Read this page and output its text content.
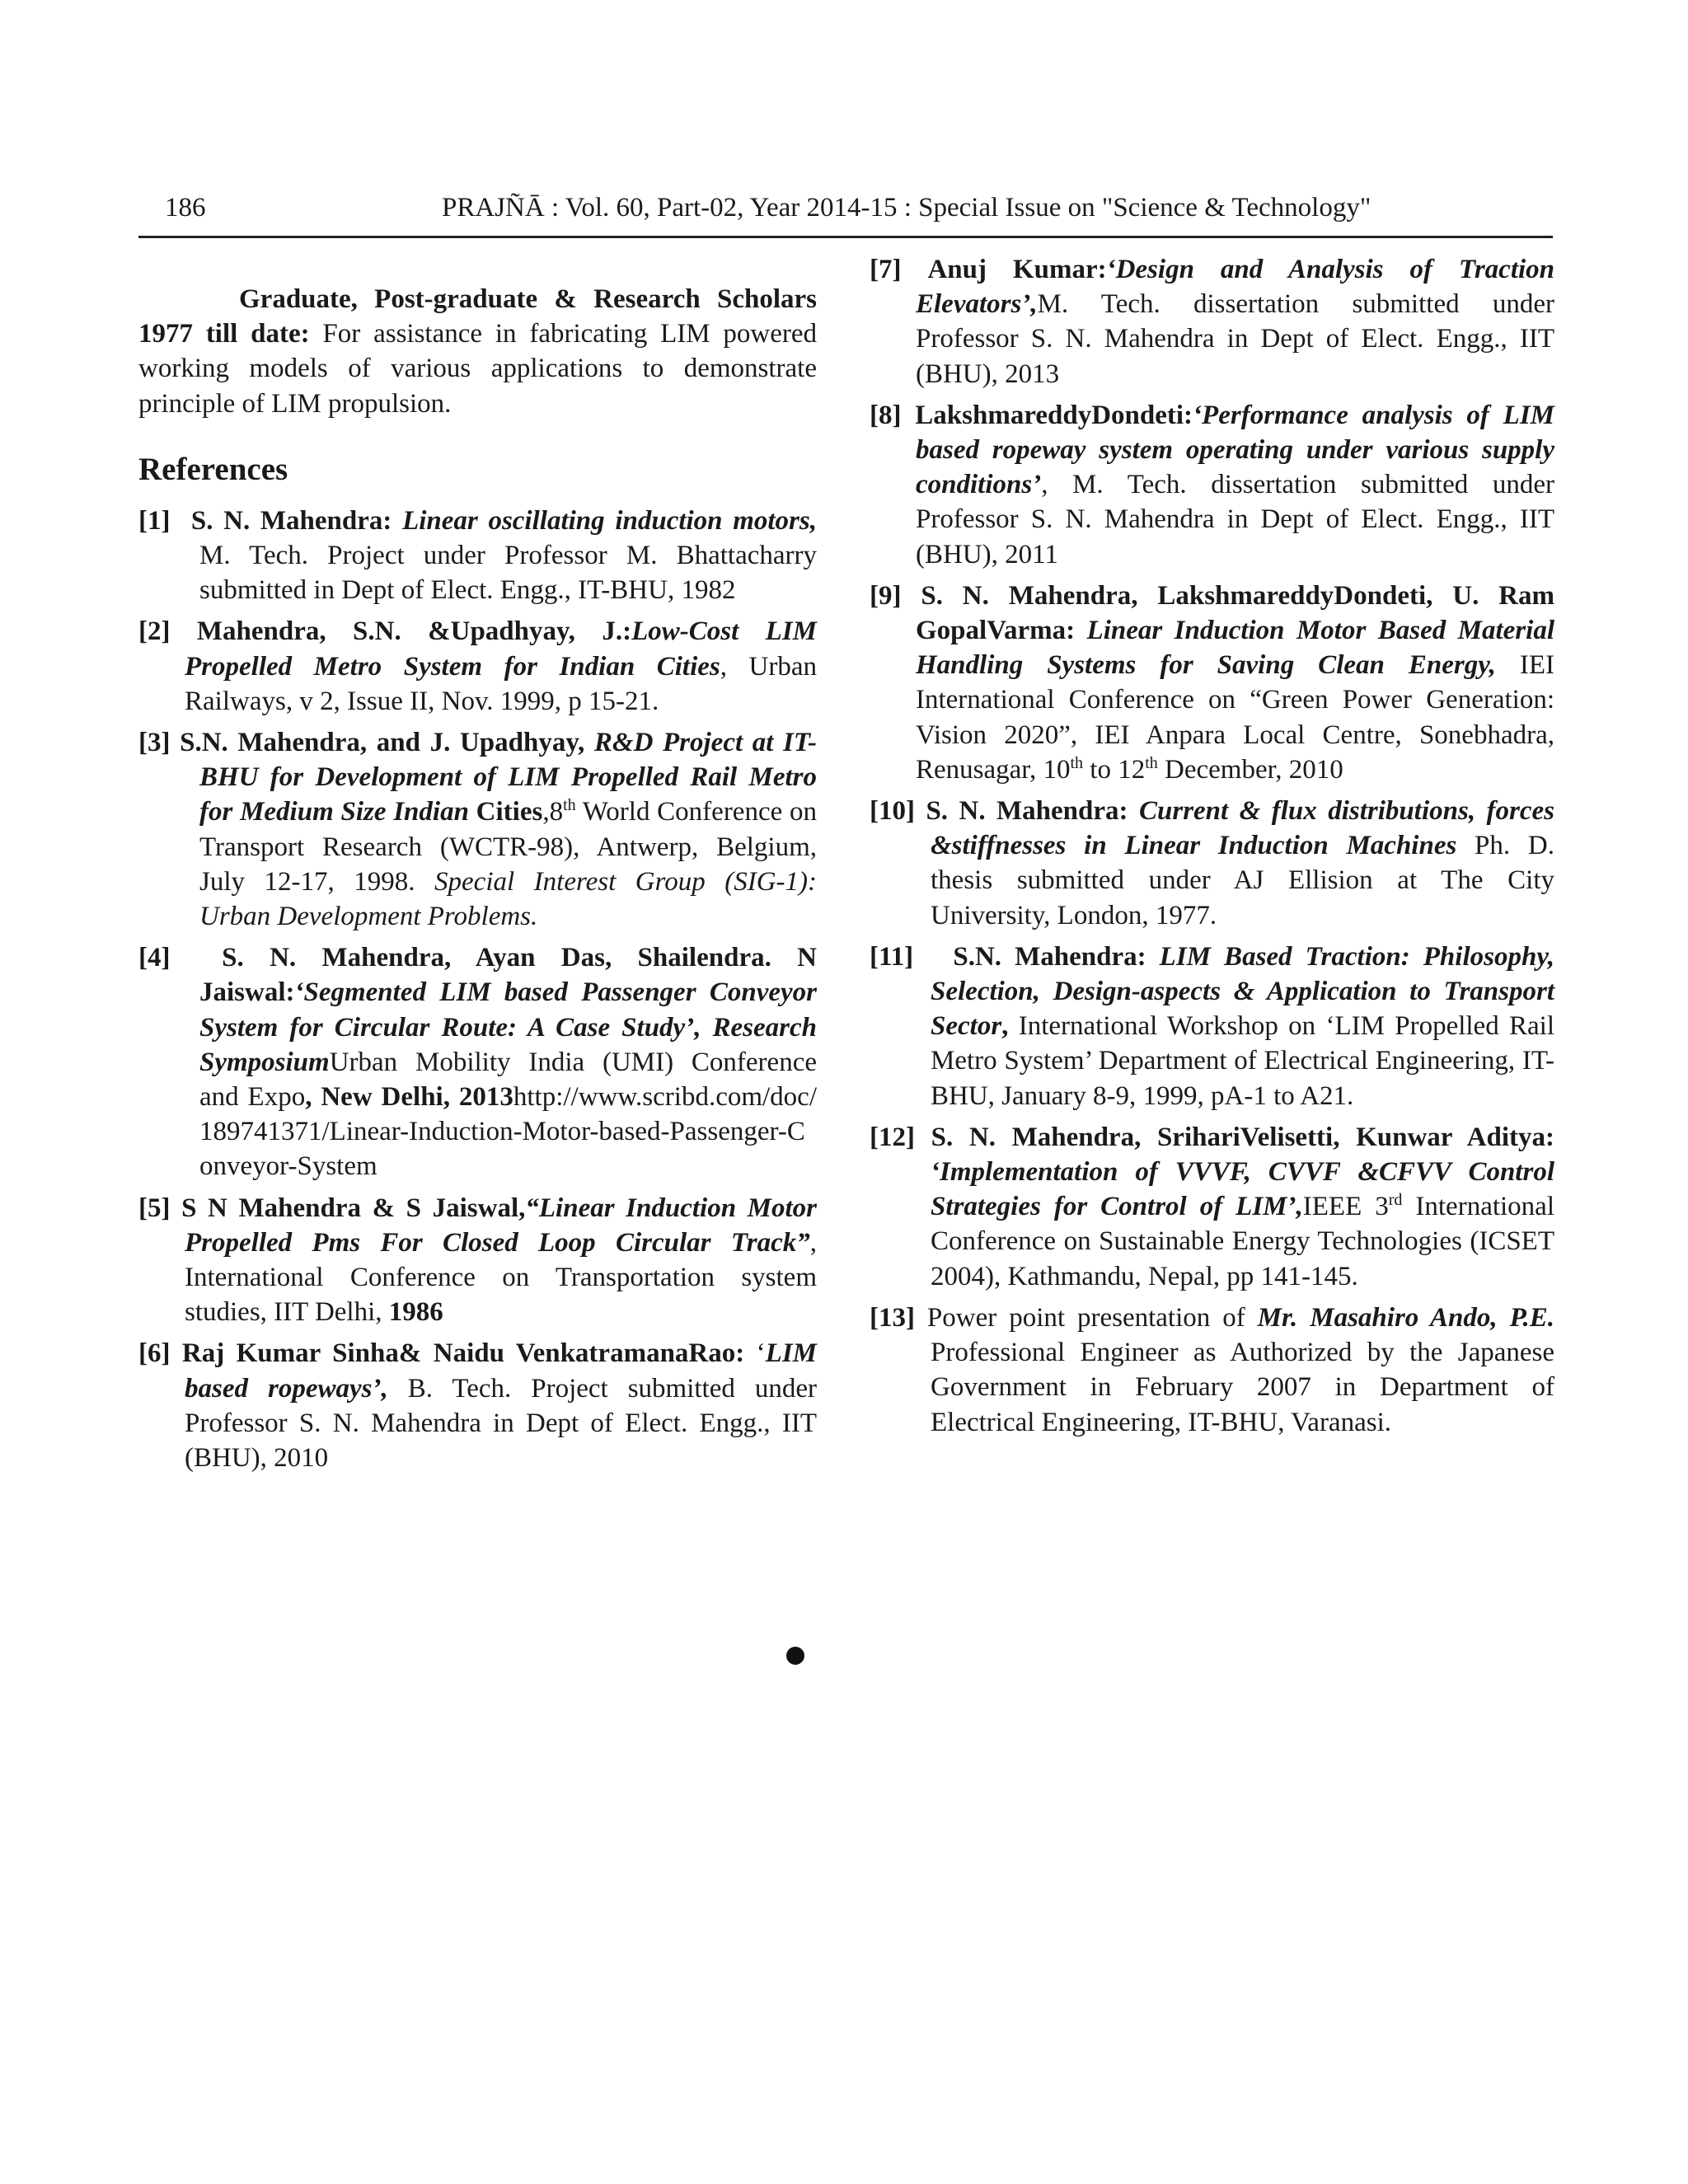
186	PRAJÑĀ : Vol. 60, Part-02, Year 2014-15 : Special Issue on "Science & Technology"

Graduate, Post-graduate & Research Scholars 1977 till date: For assistance in fabricating LIM powered working models of various applications to demonstrate principle of LIM propulsion.

References

[1] S. N. Mahendra: Linear oscillating induction motors, M. Tech. Project under Professor M. Bhattacharry submitted in Dept of Elect. Engg., IT-BHU, 1982

[2] Mahendra, S.N. &Upadhyay, J.:Low-Cost LIM Propelled Metro System for Indian Cities, Urban Railways, v 2, Issue II, Nov. 1999, p 15-21.

[3] S.N. Mahendra, and J. Upadhyay, R&D Project at IT-BHU for Development of LIM Propelled Rail Metro for Medium Size Indian Cities,8th World Conference on Transport Research (WCTR-98), Antwerp, Belgium, July 12-17, 1998. Special Interest Group (SIG-1): Urban Development Problems.

[4]  S. N. Mahendra, Ayan Das, Shailendra. N Jaiswal:‘Segmented LIM based Passenger Conveyor System for Circular Route: A Case Study’, Research SymposiumUrban Mobility India (UMI) Conference and Expo, New Delhi, 2013http://www.scribd.com/doc/189741371/Linear-Induction-Motor-based-Passenger-Conveyor-System

[5] S N Mahendra & S Jaiswal,“Linear Induction Motor Propelled Pms For Closed Loop Circular Track”, International Conference on Transportation system studies, IIT Delhi, 1986

[6] Raj Kumar Sinha& Naidu VenkatramanaRao: ‘LIM based ropeways’, B. Tech. Project submitted under Professor S. N. Mahendra in Dept of Elect. Engg., IIT (BHU), 2010

[7] Anuj Kumar:‘Design and Analysis of Traction Elevators’,M. Tech. dissertation submitted under Professor S. N. Mahendra in Dept of Elect. Engg., IIT (BHU), 2013

[8] LakshmareddyDondeti:‘Performance analysis of LIM based ropeway system operating under various supply conditions’, M. Tech. dissertation submitted under Professor S. N. Mahendra in Dept of Elect. Engg., IIT (BHU), 2011

[9] S. N. Mahendra, LakshmareddyDondeti, U. Ram GopalVarma: Linear Induction Motor Based Material Handling Systems for Saving Clean Energy, IEI International Conference on “Green Power Generation: Vision 2020”, IEI Anpara Local Centre, Sonebhadra, Renusagar, 10th to 12th December, 2010

[10] S. N. Mahendra: Current & flux distributions, forces &stiffnesses in Linear Induction Machines Ph. D. thesis submitted under AJ Ellision at The City University, London, 1977.

[11] S.N. Mahendra: LIM Based Traction: Philosophy, Selection, Design-aspects & Application to Transport Sector, International Workshop on ‘LIM Propelled Rail Metro System’ Department of Electrical Engineering, IT-BHU, January 8-9, 1999, pA-1 to A21.

[12] S. N. Mahendra, SrihariVelisetti, Kunwar Aditya: ‘Implementation of VVVF, CVVF &CFVV Control Strategies for Control of LIM’,IEEE 3rd International Conference on Sustainable Energy Technologies (ICSET 2004), Kathmandu, Nepal, pp 141-145.

[13] Power point presentation of Mr. Masahiro Ando, P.E. Professional Engineer as Authorized by the Japanese Government in February 2007 in Department of Electrical Engineering, IT-BHU, Varanasi.
